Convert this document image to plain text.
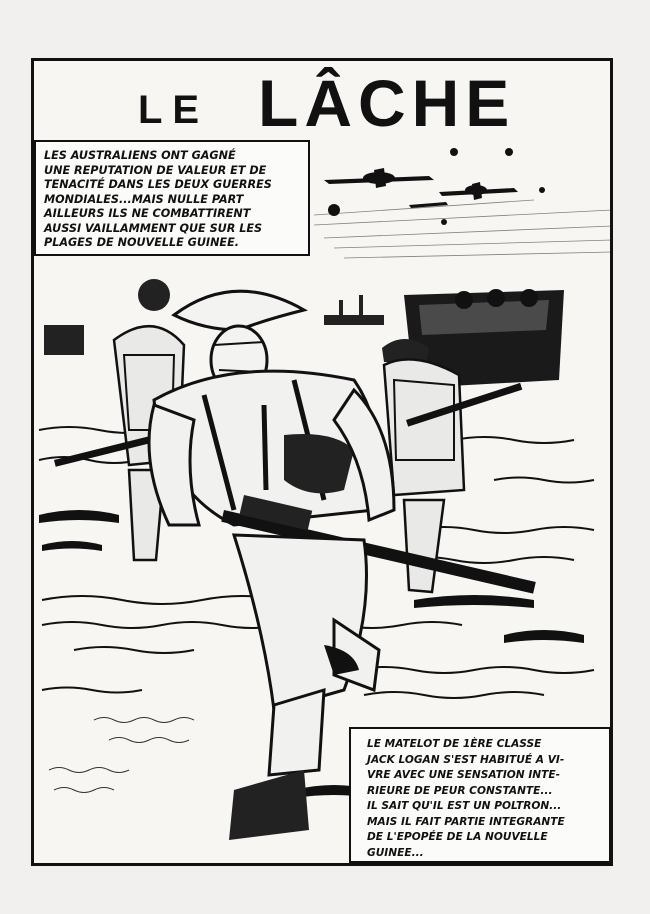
LE LÂCHE
LES AUSTRALIENS ONT GAGNÉ
UNE REPUTATION DE VALEUR ET DE
TENACITÉ DANS LES DEUX GUERRES
MONDIALES...MAIS NULLE PART
AILLEURS ILS NE COMBATTIRENT
AUSSI VAILLAMMENT QUE SUR LES
PLAGES DE NOUVELLE GUINEE.
LE MATELOT DE 1ÈRE CLASSE
JACK LOGAN S'EST HABITUÉ A VI-
VRE AVEC UNE SENSATION INTE-
RIEURE DE PEUR CONSTANTE...
IL SAIT QU'IL EST UN POLTRON...
MAIS IL FAIT PARTIE INTEGRANTE
DE L'EPOPÉE DE LA NOUVELLE
GUINEE...
